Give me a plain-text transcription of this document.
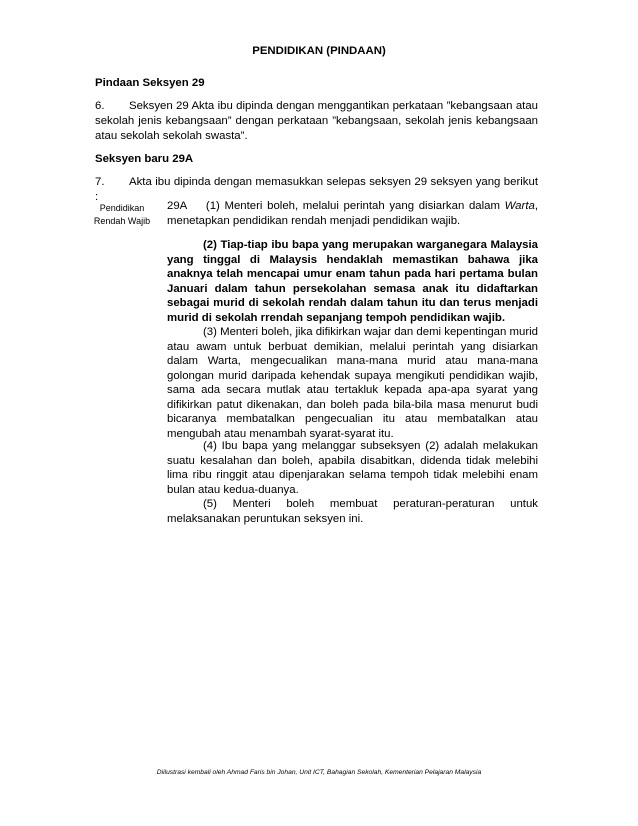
PENDIDIKAN (PINDAAN)
Pindaan Seksyen 29
6. Seksyen 29 Akta ibu dipinda dengan menggantikan perkataan ”kebangsaan atau sekolah jenis kebangsaan” dengan perkataan ”kebangsaan, sekolah jenis kebangsaan atau sekolah sekolah swasta”.
Seksyen baru 29A
7. Akta ibu dipinda dengan memasukkan selepas seksyen 29 seksyen yang berikut :
Pendidikan
Rendah Wajib
29A (1) Menteri boleh, melalui perintah yang disiarkan dalam Warta, menetapkan pendidikan rendah menjadi pendidikan wajib.
(2) Tiap-tiap ibu bapa yang merupakan warganegara Malaysia yang tinggal di Malaysis hendaklah memastikan bahawa jika anaknya telah mencapai umur enam tahun pada hari pertama bulan Januari dalam tahun persekolahan semasa anak itu didaftarkan sebagai murid di sekolah rendah dalam tahun itu dan terus menjadi murid di sekolah rrendah sepanjang tempoh pendidikan wajib.
(3) Menteri boleh, jika difikirkan wajar dan demi kepentingan murid atau awam untuk berbuat demikian, melalui perintah yang disiarkan dalam Warta, mengecualikan mana-mana murid atau mana-mana golongan murid daripada kehendak supaya mengikuti pendidikan wajib, sama ada secara mutlak atau tertakluk kepada apa-apa syarat yang difikirkan patut dikenakan, dan boleh pada bila-bila masa menurut budi bicaranya membatalkan pengecualian itu atau membatalkan atau mengubah atau menambah syarat-syarat itu.
(4) Ibu bapa yang melanggar subseksyen (2) adalah melakukan suatu kesalahan dan boleh, apabila disabitkan, didenda tidak melebihi lima ribu ringgit atau dipenjarakan selama tempoh tidak melebihi enam bulan atau kedua-duanya.
(5) Menteri boleh membuat peraturan-peraturan untuk melaksanakan peruntukan seksyen ini.
Diilustrasi kembali oleh Ahmad Faris bin Johan, Unit ICT, Bahagian Sekolah, Kementerian Pelajaran Malaysia
